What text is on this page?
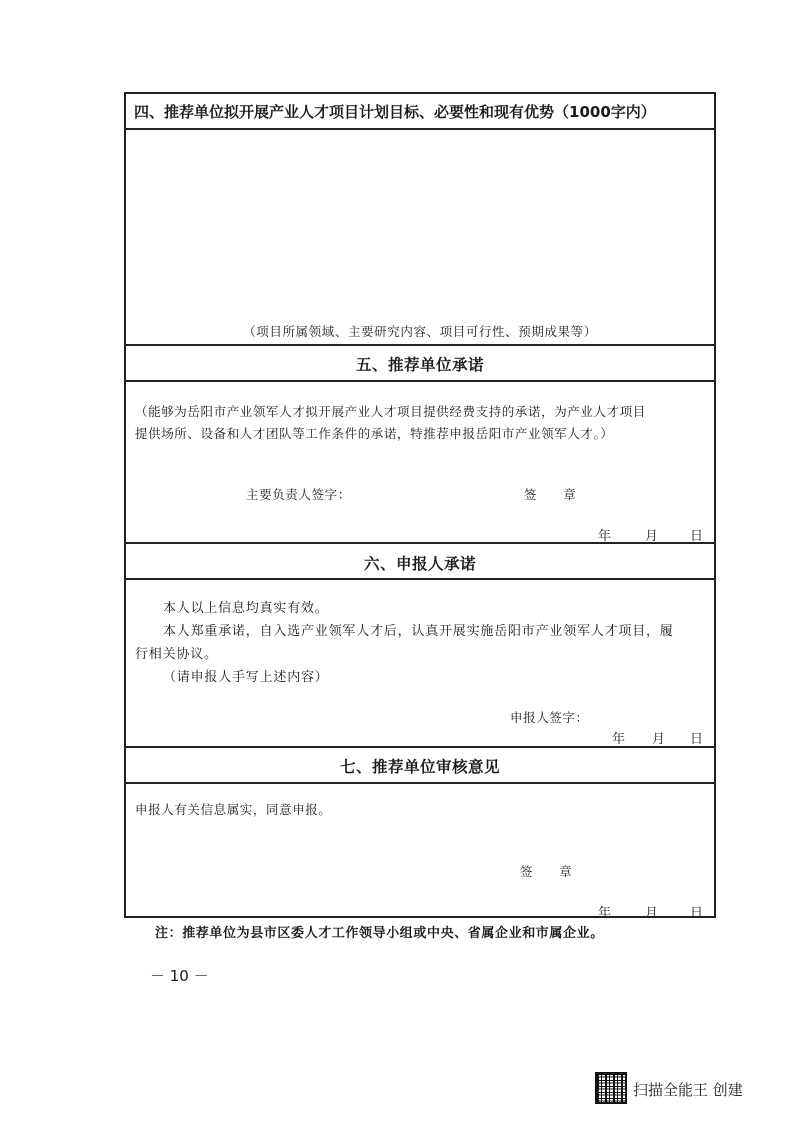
四、推荐单位拟开展产业人才项目计划目标、必要性和现有优势（1000字内）
（项目所属领域、主要研究内容、项目可行性、预期成果等）
五、推荐单位承诺
（能够为岳阳市产业领军人才拟开展产业人才项目提供经费支持的承诺，为产业人才项目
提供场所、设备和人才团队等工作条件的承诺，特推荐申报岳阳市产业领军人才。）
主要负责人签字：	签　　章
年	月 日
六、申报人承诺
本人以上信息均真实有效。
本人郑重承诺，自入选产业领军人才后，认真开展实施岳阳市产业领军人才项目，履
行相关协议。
（请申报人手写上述内容）
申报人签字：
年 月 日
七、推荐单位审核意见
申报人有关信息属实，同意申报。
签　　章
年	月 日
注：推荐单位为县市区委人才工作领导小组或中央、省属企业和市属企业。
－ 10 －
扫描全能王 创建
